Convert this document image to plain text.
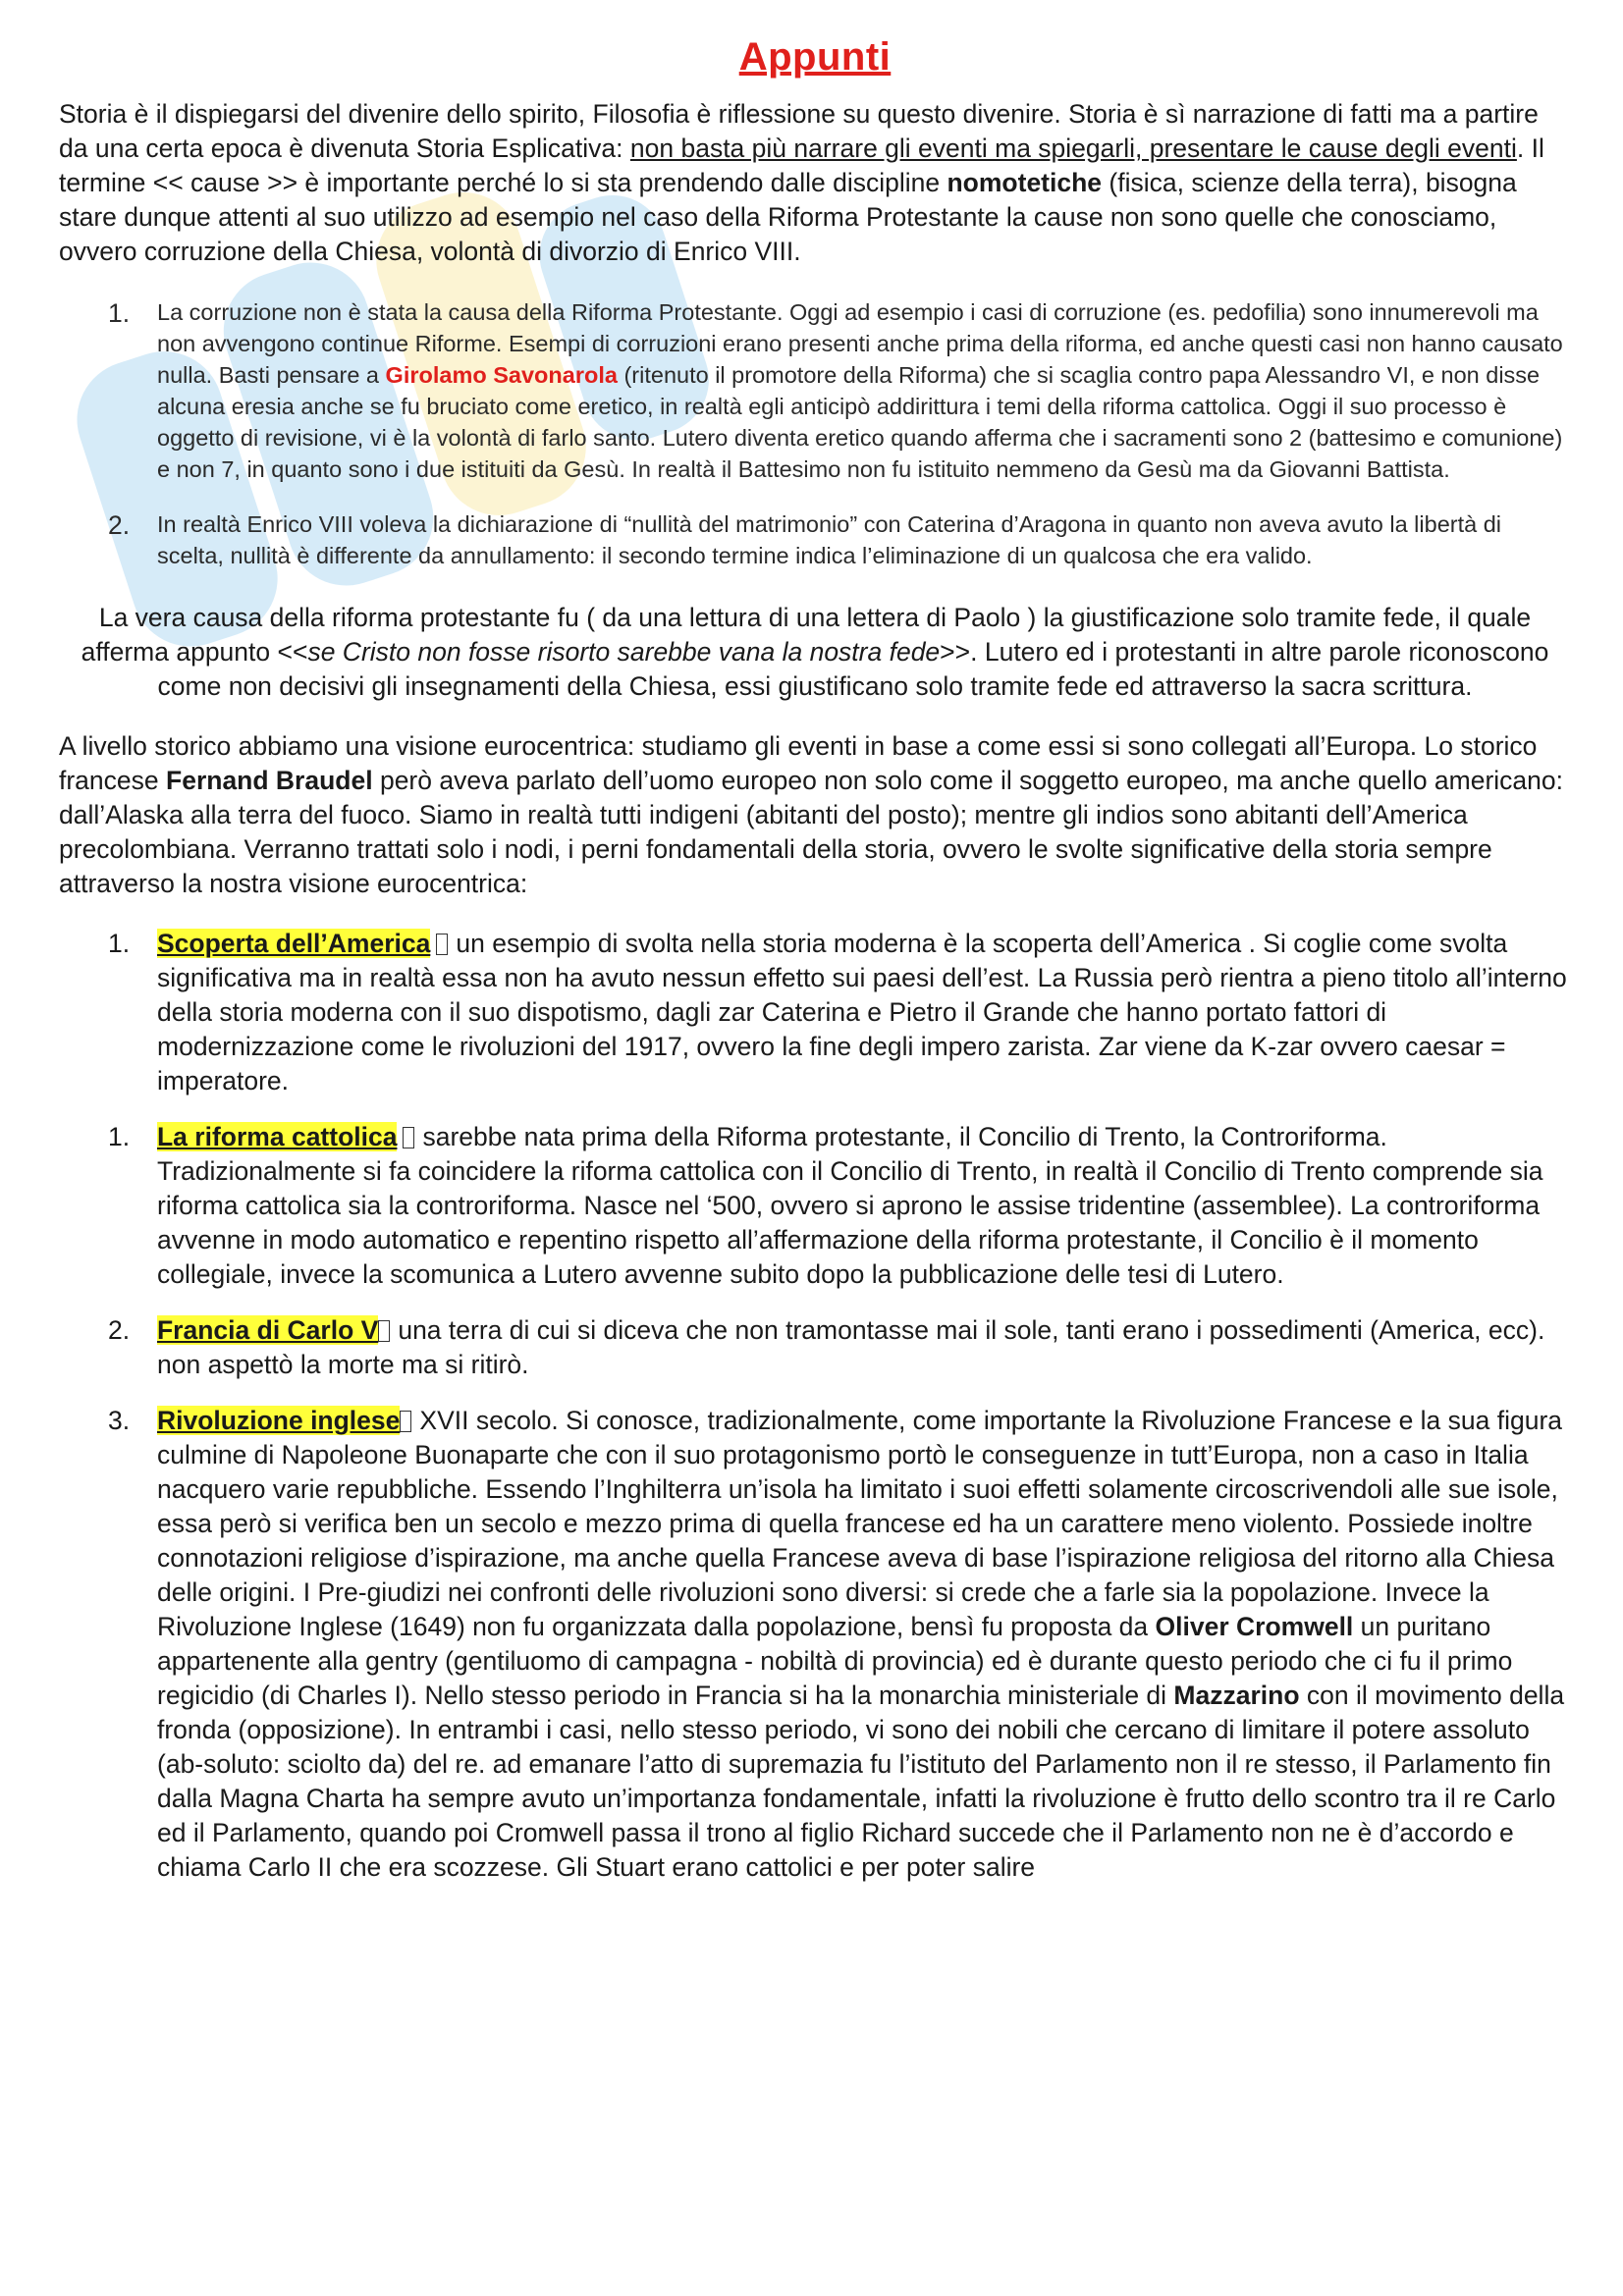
Appunti

Storia è il dispiegarsi del divenire dello spirito, Filosofia è riflessione su questo divenire. Storia è sì narrazione di fatti ma a partire da una certa epoca è divenuta Storia Esplicativa: non basta più narrare gli eventi ma spiegarli, presentare le cause degli eventi. Il termine << cause >> è importante perché lo si sta prendendo dalle discipline nomotetiche (fisica, scienze della terra), bisogna stare dunque attenti al suo utilizzo ad esempio nel caso della Riforma Protestante la cause non sono quelle che conosciamo, ovvero corruzione della Chiesa, volontà di divorzio di Enrico VIII.

1. La corruzione non è stata la causa della Riforma Protestante. Oggi ad esempio i casi di corruzione (es. pedofilia) sono innumerevoli ma non avvengono continue Riforme. Esempi di corruzioni erano presenti anche prima della riforma, ed anche questi casi non hanno causato nulla. Basti pensare a Girolamo Savonarola (ritenuto il promotore della Riforma) che si scaglia contro papa Alessandro VI, e non disse alcuna eresia anche se fu bruciato come eretico, in realtà egli anticipò addirittura i temi della riforma cattolica. Oggi il suo processo è oggetto di revisione, vi è la volontà di farlo santo. Lutero diventa eretico quando afferma che i sacramenti sono 2 (battesimo e comunione) e non 7, in quanto sono i due istituiti da Gesù. In realtà il Battesimo non fu istituito nemmeno da Gesù ma da Giovanni Battista.
2. In realtà Enrico VIII voleva la dichiarazione di “nullità del matrimonio” con Caterina d’Aragona in quanto non aveva avuto la libertà di scelta, nullità è differente da annullamento: il secondo termine indica l’eliminazione di un qualcosa che era valido.

La vera causa della riforma protestante fu ( da una lettura di una lettera di Paolo ) la giustificazione solo tramite fede, il quale afferma appunto <<se Cristo non fosse risorto sarebbe vana la nostra fede>>. Lutero ed i protestanti in altre parole riconoscono come non decisivi gli insegnamenti della Chiesa, essi giustificano solo tramite fede ed attraverso la sacra scrittura.

A livello storico abbiamo una visione eurocentrica: studiamo gli eventi in base a come essi si sono collegati all’Europa. Lo storico francese Fernand Braudel però aveva parlato dell’uomo europeo non solo come il soggetto europeo, ma anche quello americano: dall’Alaska alla terra del fuoco. Siamo in realtà tutti indigeni (abitanti del posto); mentre gli indios sono abitanti dell’America precolombiana. Verranno trattati solo i nodi, i perni fondamentali della storia, ovvero le svolte significative della storia sempre attraverso la nostra visione eurocentrica:

1. Scoperta dell’America un esempio di svolta nella storia moderna è la scoperta dell’America . Si coglie come svolta significativa ma in realtà essa non ha avuto nessun effetto sui paesi dell’est. La Russia però rientra a pieno titolo all’interno della storia moderna con il suo dispotismo, dagli zar Caterina e Pietro il Grande che hanno portato fattori di modernizzazione come le rivoluzioni del 1917, ovvero la fine degli impero zarista. Zar viene da K-zar ovvero caesar = imperatore.
1. La riforma cattolica sarebbe nata prima della Riforma protestante, il Concilio di Trento, la Controriforma. Tradizionalmente si fa coincidere la riforma cattolica con il Concilio di Trento, in realtà il Concilio di Trento comprende sia riforma cattolica sia la controriforma. Nasce nel ‘500, ovvero si aprono le assise tridentine (assemblee). La controriforma avvenne in modo automatico e repentino rispetto all’affermazione della riforma protestante, il Concilio è il momento collegiale, invece la scomunica a Lutero avvenne subito dopo la pubblicazione delle tesi di Lutero.
2. Francia di Carlo V una terra di cui si diceva che non tramontasse mai il sole, tanti erano i possedimenti (America, ecc). non aspettò la morte ma si ritirò.
3. Rivoluzione inglese XVII secolo. Si conosce, tradizionalmente, come importante la Rivoluzione Francese e la sua figura culmine di Napoleone Buonaparte che con il suo protagonismo portò le conseguenze in tutt’Europa, non a caso in Italia nacquero varie repubbliche. Essendo l’Inghilterra un’isola ha limitato i suoi effetti solamente circoscrivendoli alle sue isole, essa però si verifica ben un secolo e mezzo prima di quella francese ed ha un carattere meno violento. Possiede inoltre connotazioni religiose d’ispirazione, ma anche quella Francese aveva di base l’ispirazione religiosa del ritorno alla Chiesa delle origini. I Pre-giudizi nei confronti delle rivoluzioni sono diversi: si crede che a farle sia la popolazione. Invece la Rivoluzione Inglese (1649) non fu organizzata dalla popolazione, bensì fu proposta da Oliver Cromwell un puritano appartenente alla gentry (gentiluomo di campagna - nobiltà di provincia) ed è durante questo periodo che ci fu il primo regicidio (di Charles I). Nello stesso periodo in Francia si ha la monarchia ministeriale di Mazzarino con il movimento della fronda (opposizione). In entrambi i casi, nello stesso periodo, vi sono dei nobili che cercano di limitare il potere assoluto (ab-soluto: sciolto da) del re. ad emanare l’atto di supremazia fu l’istituto del Parlamento non il re stesso, il Parlamento fin dalla Magna Charta ha sempre avuto un’importanza fondamentale, infatti la rivoluzione è frutto dello scontro tra il re Carlo ed il Parlamento, quando poi Cromwell passa il trono al figlio Richard succede che il Parlamento non ne è d’accordo e chiama Carlo II che era scozzese. Gli Stuart erano cattolici e per poter salire
